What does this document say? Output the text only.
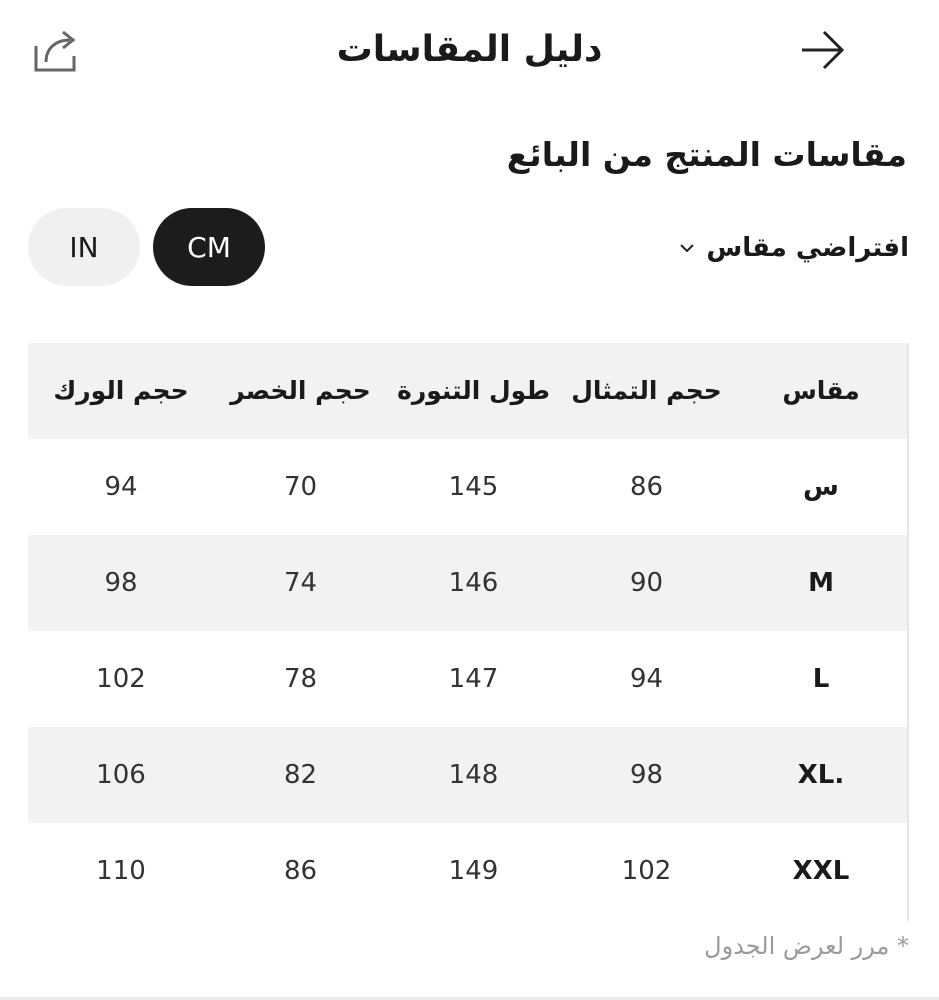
دليل المقاسات
مقاسات المنتج من البائع
IN	CM	افتراضي مقاس
مقاس	حجم التمثال	طول التنورة	حجم الخصر	حجم الورك
س	86	145	70	94
M	90	146	74	98
L	94	147	78	102
.XL	98	148	82	106
XXL	102	149	86	110
* مرر لعرض الجدول
